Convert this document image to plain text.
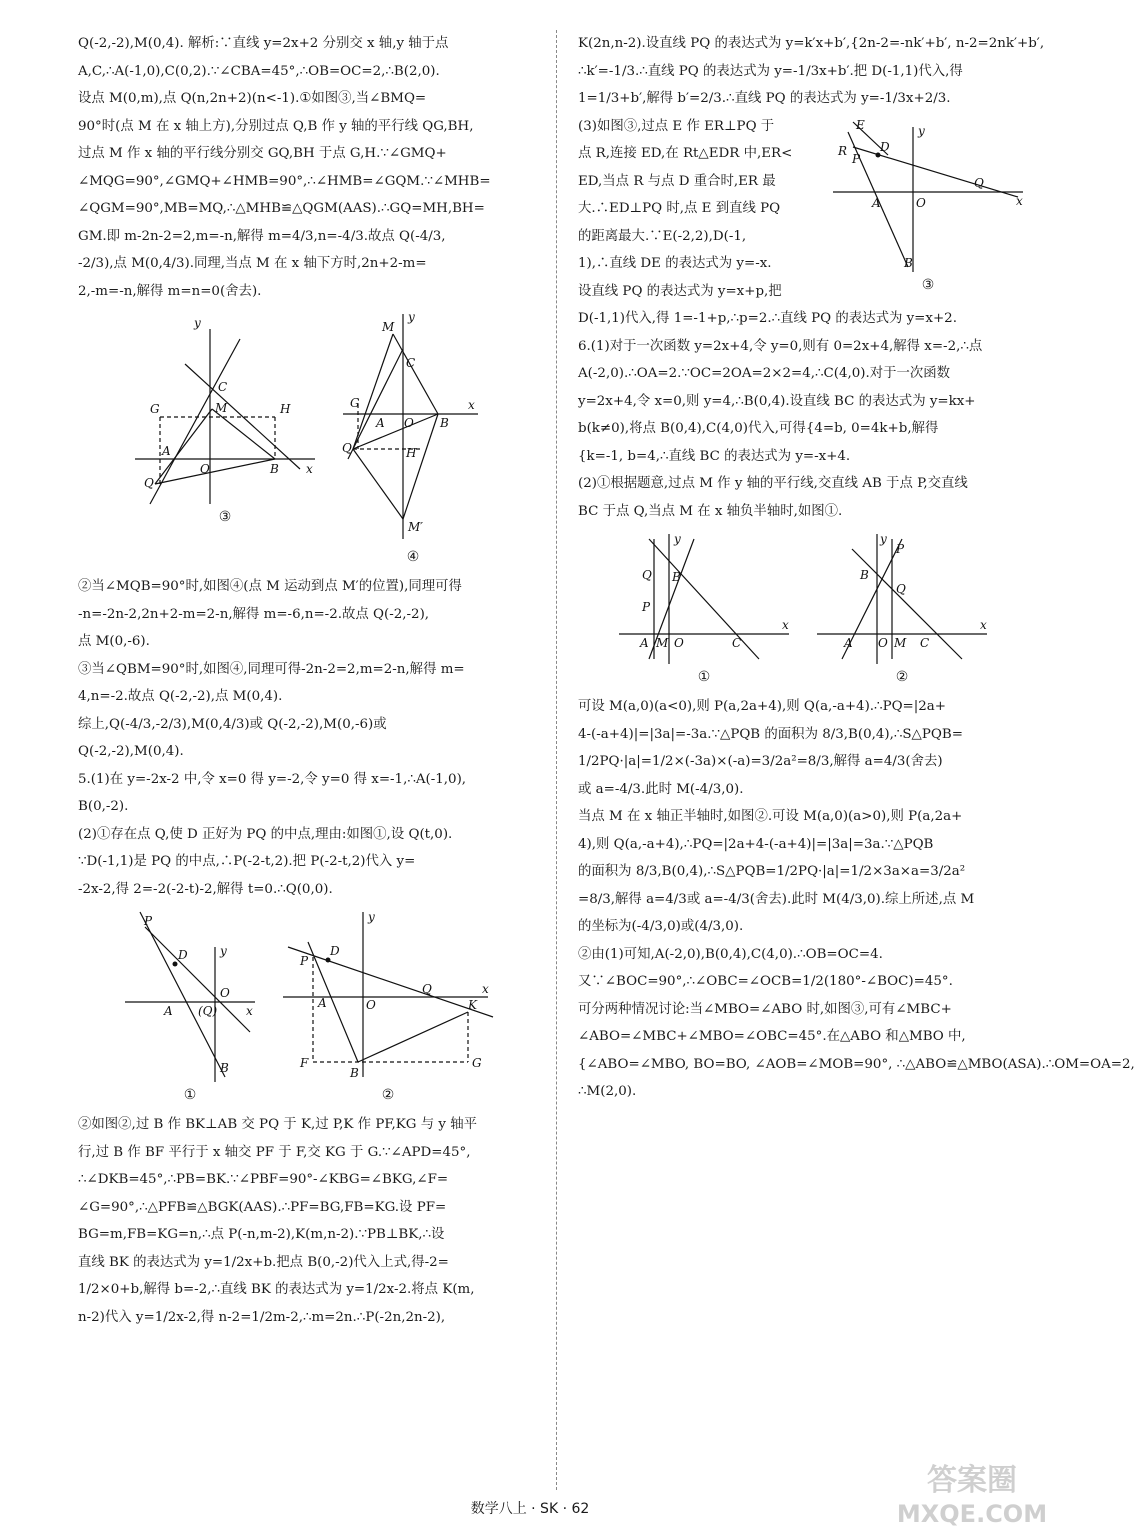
Q(-2,-2),M(0,4). 解析:∵直线 y=2x+2 分别交 x 轴,y 轴于点
A,C,∴A(-1,0),C(0,2).∵∠CBA=45°,∴OB=OC=2,∴B(2,0).
设点 M(0,m),点 Q(n,2n+2)(n<-1).①如图③,当∠BMQ=
90°时(点 M 在 x 轴上方),分别过点 Q,B 作 y 轴的平行线 QG,BH,
过点 M 作 x 轴的平行线分别交 GQ,BH 于点 G,H.∵∠GMQ+
∠MQG=90°,∠GMQ+∠HMB=90°,∴∠HMB=∠GQM.∵∠MHB=
∠QGM=90°,MB=MQ,∴△MHB≌△QGM(AAS).∴GQ=MH,BH=
GM.即 m-2n-2=2,m=-n,解得 m=4/3,n=-4/3.故点 Q(-4/3,
-2/3),点 M(0,4/3).同理,当点 M 在 x 轴下方时,2n+2-m=
2,-m=-n,解得 m=n=0(舍去).
y
x
C
M
G	H
A
O	B
Q
③
y
x
M
C
G
A O B
Q	H
M′
④
②当∠MQB=90°时,如图④(点 M 运动到点 M′的位置),同理可得
-n=-2n-2,2n+2-m=2-n,解得 m=-6,n=-2.故点 Q(-2,-2),
点 M(0,-6).
③当∠QBM=90°时,如图④,同理可得-2n-2=2,m=2-n,解得 m=
4,n=-2.故点 Q(-2,-2),点 M(0,4).
综上,Q(-4/3,-2/3),M(0,4/3)或 Q(-2,-2),M(0,-6)或
Q(-2,-2),M(0,4).
5.(1)在 y=-2x-2 中,令 x=0 得 y=-2,令 y=0 得 x=-1,∴A(-1,0),
B(0,-2).
(2)①存在点 Q,使 D 正好为 PQ 的中点,理由:如图①,设 Q(t,0).
∵D(-1,1)是 PQ 的中点,∴P(-2-t,2).把 P(-2-t,2)代入 y=
-2x-2,得 2=-2(-2-t)-2,解得 t=0.∴Q(0,0).
P
D	y
O
A (Q) x
B
①
y
x
D
P
A	O
Q
K
F
B
G
②
②如图②,过 B 作 BK⊥AB 交 PQ 于 K,过 P,K 作 PF,KG 与 y 轴平
行,过 B 作 BF 平行于 x 轴交 PF 于 F,交 KG 于 G.∵∠APD=45°,
∴∠DKB=45°,∴PB=BK.∵∠PBF=90°-∠KBG=∠BKG,∠F=
∠G=90°,∴△PFB≌△BGK(AAS).∴PF=BG,FB=KG.设 PF=
BG=m,FB=KG=n,∴点 P(-n,m-2),K(m,n-2).∵PB⊥BK,∴设
直线 BK 的表达式为 y=1/2x+b.把点 B(0,-2)代入上式,得-2=
1/2×0+b,解得 b=-2,∴直线 BK 的表达式为 y=1/2x-2.将点 K(m,
n-2)代入 y=1/2x-2,得 n-2=1/2m-2,∴m=2n.∴P(-2n,2n-2),
K(2n,n-2).设直线 PQ 的表达式为 y=k′x+b′,{2n-2=-nk′+b′, n-2=2nk′+b′,
∴k′=-1/3.∴直线 PQ 的表达式为 y=-1/3x+b′.把 D(-1,1)代入,得
1=1/3+b′,解得 b′=2/3.∴直线 PQ 的表达式为 y=-1/3x+2/3.
E
D
y
R
P
A	O
Q
x
B
③
(3)如图③,过点 E 作 ER⊥PQ 于
点 R,连接 ED,在 Rt△EDR 中,ER<
ED,当点 R 与点 D 重合时,ER 最
大.∴ED⊥PQ 时,点 E 到直线 PQ
的距离最大.∵E(-2,2),D(-1,
1),∴直线 DE 的表达式为 y=-x.
设直线 PQ 的表达式为 y=x+p,把
D(-1,1)代入,得 1=-1+p,∴p=2.∴直线 PQ 的表达式为 y=x+2.
6.(1)对于一次函数 y=2x+4,令 y=0,则有 0=2x+4,解得 x=-2,∴点
A(-2,0).∴OA=2.∵OC=2OA=2×2=4,∴C(4,0).对于一次函数
y=2x+4,令 x=0,则 y=4,∴B(0,4).设直线 BC 的表达式为 y=kx+
b(k≠0),将点 B(0,4),C(4,0)代入,可得{4=b, 0=4k+b,解得
{k=-1, b=4,∴直线 BC 的表达式为 y=-x+4.
(2)①根据题意,过点 M 作 y 轴的平行线,交直线 AB 于点 P,交直线
BC 于点 Q,当点 M 在 x 轴负半轴时,如图①.
y
x
Q B
P
A M O	C
①
y
x
P
B
Q
A O M C
②
可设 M(a,0)(a<0),则 P(a,2a+4),则 Q(a,-a+4).∴PQ=|2a+
4-(-a+4)|=|3a|=-3a.∵△PQB 的面积为 8/3,B(0,4),∴S△PQB=
1/2PQ·|a|=1/2×(-3a)×(-a)=3/2a²=8/3,解得 a=4/3(舍去)
或 a=-4/3.此时 M(-4/3,0).
当点 M 在 x 轴正半轴时,如图②.可设 M(a,0)(a>0),则 P(a,2a+
4),则 Q(a,-a+4),∴PQ=|2a+4-(-a+4)|=|3a|=3a.∵△PQB
的面积为 8/3,B(0,4),∴S△PQB=1/2PQ·|a|=1/2×3a×a=3/2a²
=8/3,解得 a=4/3或 a=-4/3(舍去).此时 M(4/3,0).综上所述,点 M
的坐标为(-4/3,0)或(4/3,0).
②由(1)可知,A(-2,0),B(0,4),C(4,0).∴OB=OC=4.
又∵∠BOC=90°,∴∠OBC=∠OCB=1/2(180°-∠BOC)=45°.
可分两种情况讨论:当∠MBO=∠ABO 时,如图③,可有∠MBC+
∠ABO=∠MBC+∠MBO=∠OBC=45°.在△ABO 和△MBO 中,
{∠ABO=∠MBO, BO=BO, ∠AOB=∠MOB=90°, ∴△ABO≌△MBO(ASA).∴OM=OA=2,
∴M(2,0).
数学八上 · SK · 62
答案圈
MXQE.COM
